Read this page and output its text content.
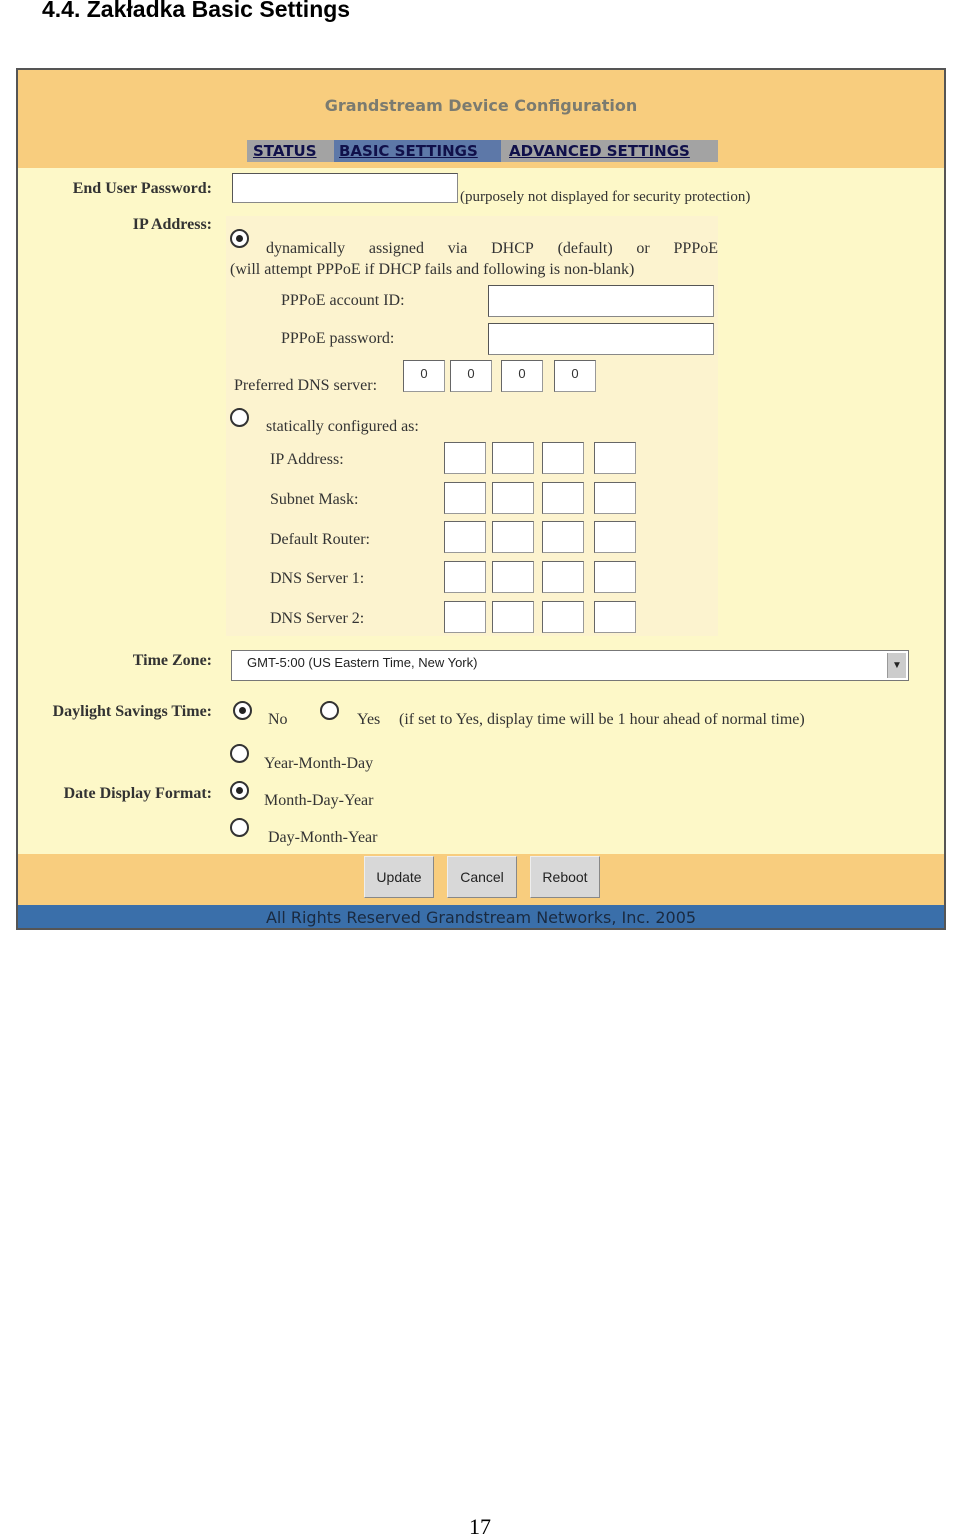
4.4. Zakładka Basic Settings
Grandstream Device Configuration
STATUS	BASIC SETTINGS	ADVANCED SETTINGS
End User Password:	(purposely not displayed for security protection)
IP Address:
dynamically assigned via DHCP (default) or PPPoE
(will attempt PPPoE if DHCP fails and following is non-blank)
PPPoE account ID:
PPPoE password:
Preferred DNS server:
0	0	0	0
statically configured as:
IP Address:
Subnet Mask:
Default Router:
DNS Server 1:
DNS Server 2:
Time Zone:	GMT-5:00 (US Eastern Time, New York)	▼
Daylight Savings Time:	No	Yes (if set to Yes, display time will be 1 hour ahead of normal time)
Date Display Format:
Year-Month-Day
Month-Day-Year
Day-Month-Year
Update	Cancel	Reboot
All Rights Reserved Grandstream Networks, Inc. 2005
17
